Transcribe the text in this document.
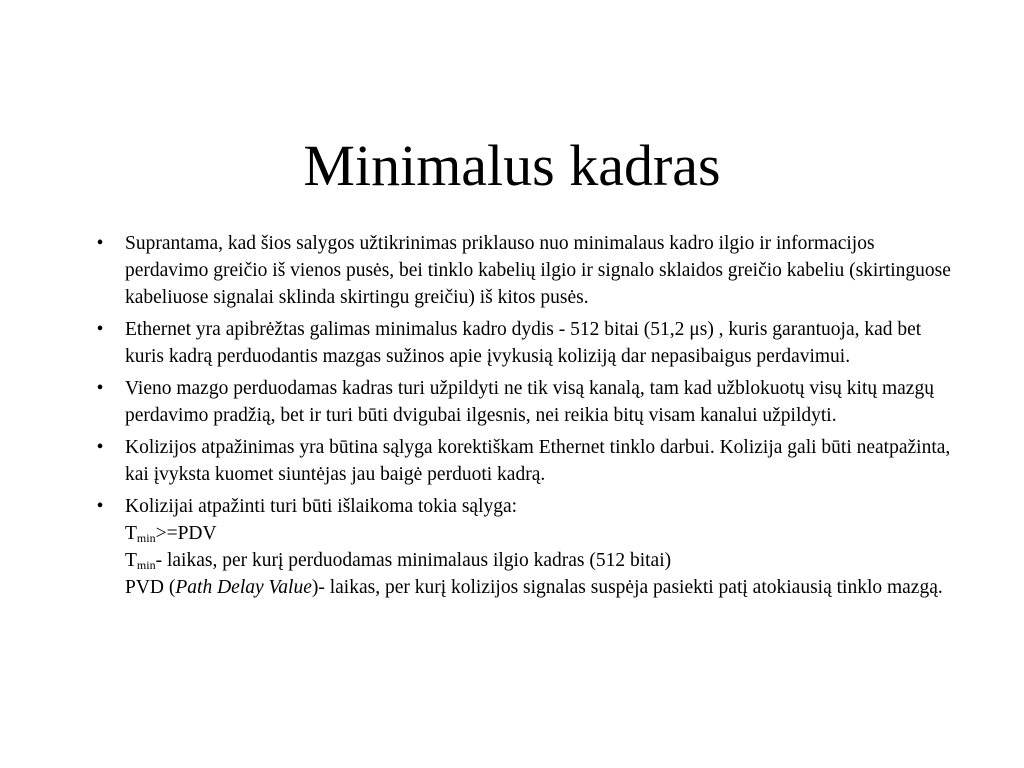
Minimalus kadras
•	Suprantama, kad šios salygos užtikrinimas priklauso nuo minimalaus kadro ilgio ir informacijos perdavimo greičio iš vienos pusės, bei tinklo kabelių ilgio ir signalo sklaidos greičio kabeliu (skirtinguose kabeliuose signalai sklinda skirtingu greičiu) iš kitos pusės.
•	Ethernet yra apibrėžtas galimas minimalus kadro dydis - 512 bitai (51,2 μs) , kuris garantuoja, kad bet kuris kadrą perduodantis mazgas sužinos apie įvykusią koliziją dar nepasibaigus perdavimui.
•	Vieno mazgo perduodamas kadras turi užpildyti ne tik visą kanalą, tam kad užblokuotų visų kitų mazgų perdavimo pradžią, bet ir turi būti dvigubai ilgesnis, nei reikia bitų visam kanalui užpildyti.
•	Kolizijos atpažinimas yra būtina sąlyga korektiškam Ethernet tinklo darbui. Kolizija gali būti neatpažinta, kai įvyksta kuomet siuntėjas jau baigė perduoti kadrą.
•	Kolizijai atpažinti turi būti išlaikoma tokia sąlyga:
$T_{min}>=PDV$
$T_{min}-$ laikas, per kurį perduodamas minimalaus ilgio kadras (512 bitai)
PVD (Path Delay Value)- laikas, per kurį kolizijos signalas suspėja pasiekti patį atokiausią tinklo mazgą.
